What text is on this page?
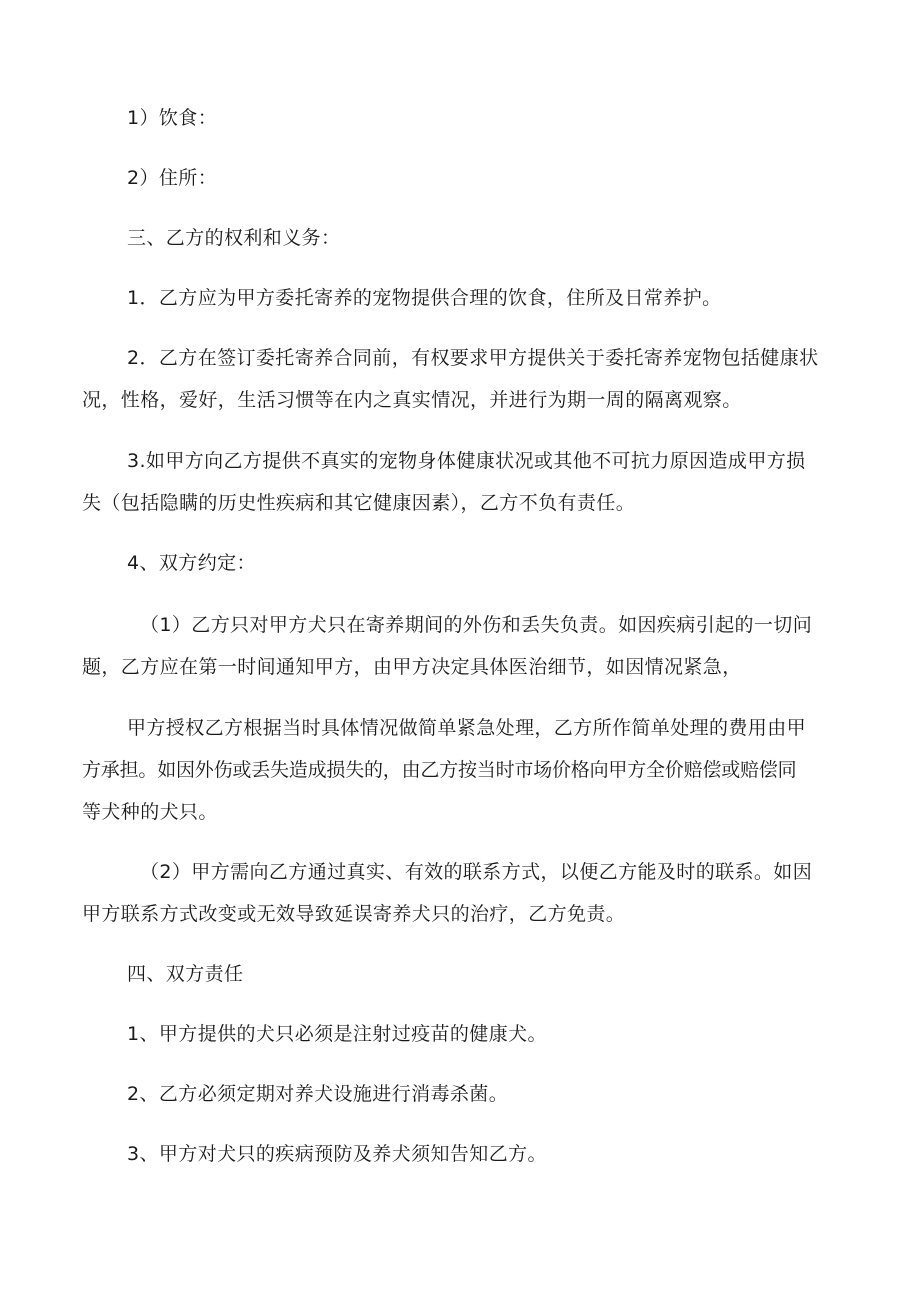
1）饮食：
2）住所：
三、乙方的权利和义务：
1．乙方应为甲方委托寄养的宠物提供合理的饮食，住所及日常养护。
2．乙方在签订委托寄养合同前，有权要求甲方提供关于委托寄养宠物包括健康状
况，性格，爱好，生活习惯等在内之真实情况，并进行为期一周的隔离观察。
3.如甲方向乙方提供不真实的宠物身体健康状况或其他不可抗力原因造成甲方损
失（包括隐瞒的历史性疾病和其它健康因素），乙方不负有责任。
4、双方约定：
（1）乙方只对甲方犬只在寄养期间的外伤和丢失负责。如因疾病引起的一切问
题，乙方应在第一时间通知甲方，由甲方决定具体医治细节，如因情况紧急，
甲方授权乙方根据当时具体情况做简单紧急处理，乙方所作简单处理的费用由甲
方承担。如因外伤或丢失造成损失的，由乙方按当时市场价格向甲方全价赔偿或赔偿同
等犬种的犬只。
（2）甲方需向乙方通过真实、有效的联系方式，以便乙方能及时的联系。如因
甲方联系方式改变或无效导致延误寄养犬只的治疗，乙方免责。
四、双方责任
1、甲方提供的犬只必须是注射过疫苗的健康犬。
2、乙方必须定期对养犬设施进行消毒杀菌。
3、甲方对犬只的疾病预防及养犬须知告知乙方。
